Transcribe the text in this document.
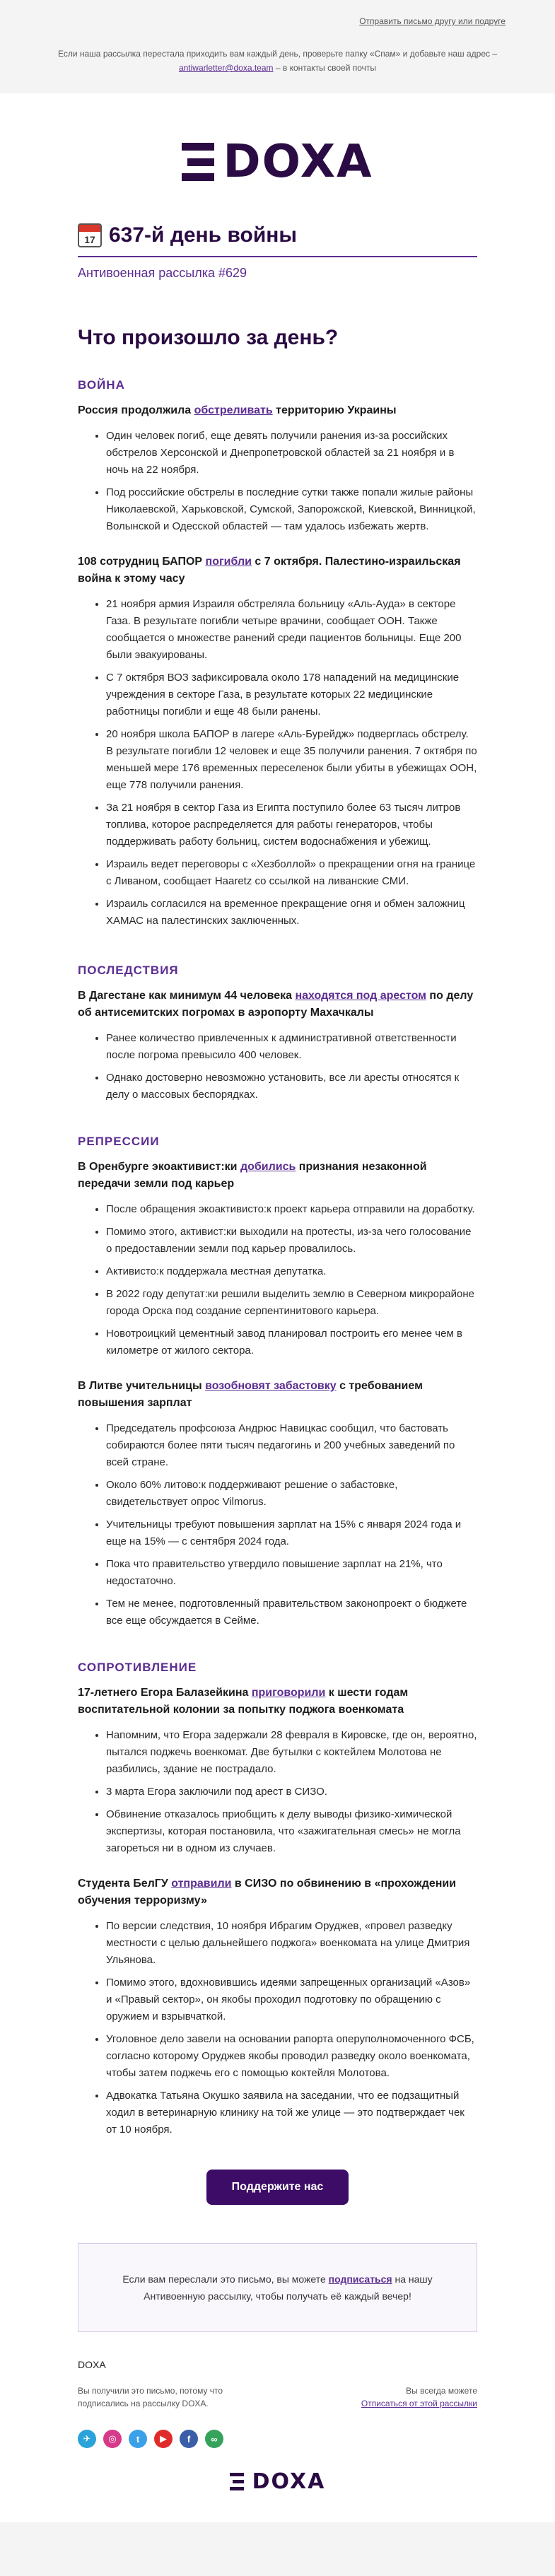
Отправить письмо другу или подруге
Если наша рассылка перестала приходить вам каждый день, проверьте папку «Спам» и добавьте наш адрес – antiwarletter@doxa.team – в контакты своей почты
DOXA
17 637-й день войны
Антивоенная рассылка #629
Что произошло за день?
ВОЙНА

Россия продолжила обстреливать территорию Украины

• Один человек погиб, еще девять получили ранения из-за российских обстрелов Херсонской и Днепропетровской областей за 21 ноября и в ночь на 22 ноября.
• Под российские обстрелы в последние сутки также попали жилые районы Николаевской, Харьковской, Сумской, Запорожской, Киевской, Винницкой, Волынской и Одесской областей — там удалось избежать жертв.

108 сотрудниц БАПОР погибли с 7 октября. Палестино-израильская война к этому часу

• 21 ноября армия Израиля обстреляла больницу «Аль-Ауда» в секторе Газа. В результате погибли четыре врачини, сообщает ООН. Также сообщается о множестве ранений среди пациентов больницы. Еще 200 были эвакуированы.
• С 7 октября ВОЗ зафиксировала около 178 нападений на медицинские учреждения в секторе Газа, в результате которых 22 медицинские работницы погибли и еще 48 были ранены.
• 20 ноября школа БАПОР в лагере «Аль-Бурейдж» подверглась обстрелу. В результате погибли 12 человек и еще 35 получили ранения. 7 октября по меньшей мере 176 временных переселенок были убиты в убежищах ООН, еще 778 получили ранения.
• За 21 ноября в сектор Газа из Египта поступило более 63 тысяч литров топлива, которое распределяется для работы генераторов, чтобы поддерживать работу больниц, систем водоснабжения и убежищ.
• Израиль ведет переговоры с «Хезболлой» о прекращении огня на границе с Ливаном, сообщает Haaretz со ссылкой на ливанские СМИ.
• Израиль согласился на временное прекращение огня и обмен заложниц ХАМАС на палестинских заключенных.
ПОСЛЕДСТВИЯ

В Дагестане как минимум 44 человека находятся под арестом по делу об антисемитских погромах в аэропорту Махачкалы

• Ранее количество привлеченных к административной ответственности после погрома превысило 400 человек.
• Однако достоверно невозможно установить, все ли аресты относятся к делу о массовых беспорядках.
РЕПРЕССИИ

В Оренбурге экоактивист:ки добились признания незаконной передачи земли под карьер

• После обращения экоактивисто:к проект карьера отправили на доработку.
• Помимо этого, активист:ки выходили на протесты, из-за чего голосование о предоставлении земли под карьер провалилось.
• Активисто:к поддержала местная депутатка.
• В 2022 году депутат:ки решили выделить землю в Северном микрорайоне города Орска под создание серпентинитового карьера.
• Новотроицкий цементный завод планировал построить его менее чем в километре от жилого сектора.

В Литве учительницы возобновят забастовку с требованием повышения зарплат

• Председатель профсоюза Андрюс Навицкас сообщил, что бастовать собираются более пяти тысяч педагогинь и 200 учебных заведений по всей стране.
• Около 60% литово:к поддерживают решение о забастовке, свидетельствует опрос Vilmorus.
• Учительницы требуют повышения зарплат на 15% с января 2024 года и еще на 15% — с сентября 2024 года.
• Пока что правительство утвердило повышение зарплат на 21%, что недостаточно.
• Тем не менее, подготовленный правительством законопроект о бюджете все еще обсуждается в Сейме.
СОПРОТИВЛЕНИЕ

17-летнего Егора Балазейкина приговорили к шести годам воспитательной колонии за попытку поджога военкомата

• Напомним, что Егора задержали 28 февраля в Кировске, где он, вероятно, пытался поджечь военкомат. Две бутылки с коктейлем Молотова не разбились, здание не пострадало.
• 3 марта Егора заключили под арест в СИЗО.
• Обвинение отказалось приобщить к делу выводы физико-химической экспертизы, которая постановила, что «зажигательная смесь» не могла загореться ни в одном из случаев.

Студента БелГУ отправили в СИЗО по обвинению в «прохождении обучения терроризму»

• По версии следствия, 10 ноября Ибрагим Оруджев, «провел разведку местности с целью дальнейшего поджога» военкомата на улице Дмитрия Ульянова.
• Помимо этого, вдохновившись идеями запрещенных организаций «Азов» и «Правый сектор», он якобы проходил подготовку по обращению с оружием и взрывчаткой.
• Уголовное дело завели на основании рапорта оперуполномоченного ФСБ, согласно которому Оруджев якобы проводил разведку около военкомата, чтобы затем поджечь его с помощью коктейля Молотова.
• Адвокатка Татьяна Окушко заявила на заседании, что ее подзащитный ходил в ветеринарную клинику на той же улице — это подтверждает чек от 10 ноября.
Поддержите нас
Если вам переслали это письмо, вы можете подписаться на нашу Антивоенную рассылку, чтобы получать её каждый вечер!
DOXA
Вы получили это письмо, потому что подписались на рассылку DOXA.
Вы всегда можете
Отписаться от этой рассылки
✈	◎	t	▶	f	∞
DOXA
